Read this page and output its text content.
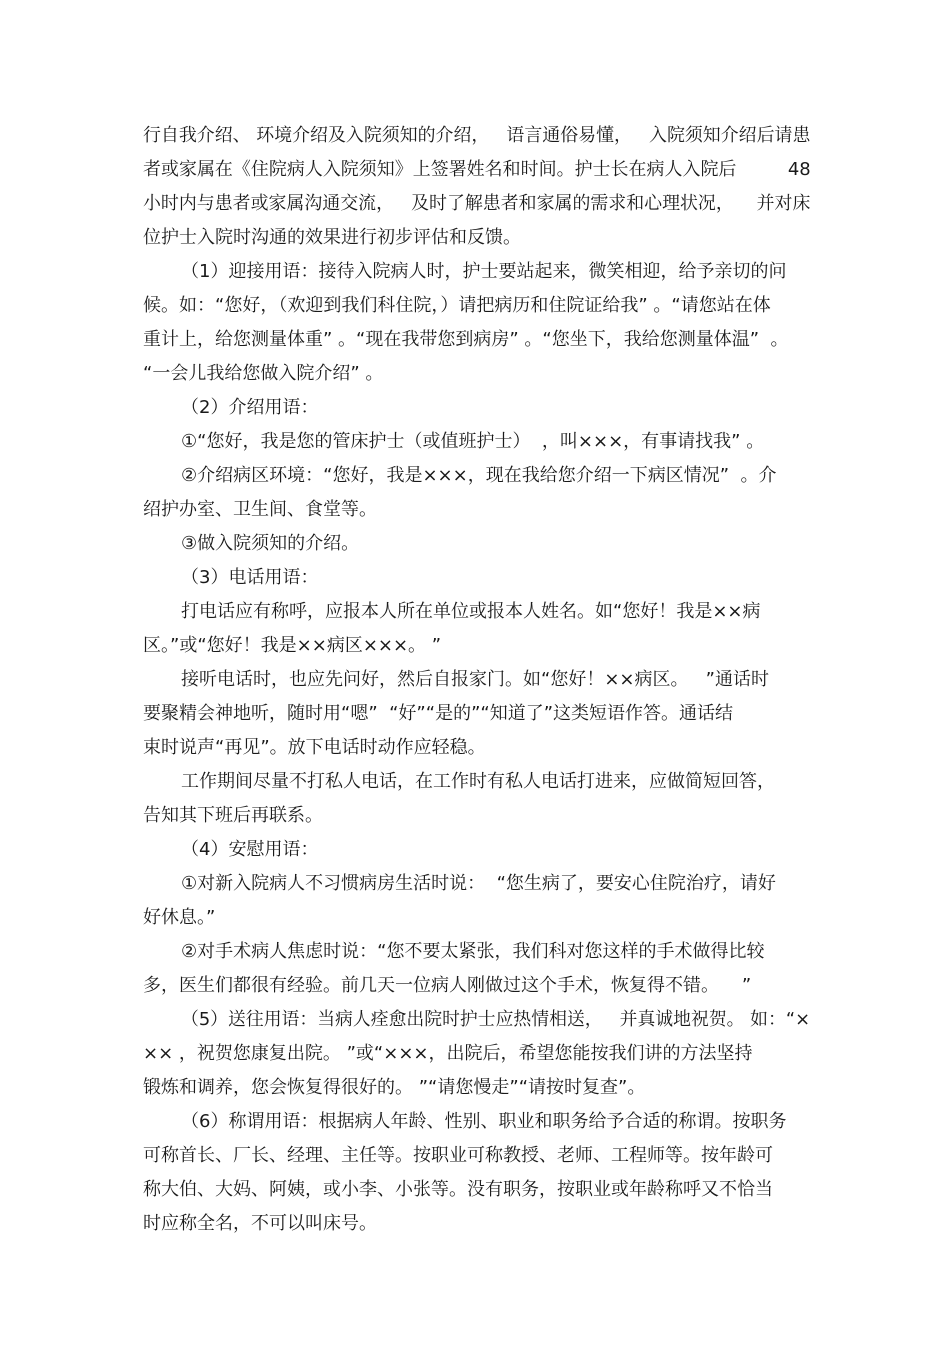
行自我介绍、 环境介绍及入院须知的介绍，   语言通俗易懂，   入院须知介绍后请患
者或家属在《住院病人入院须知》上签署姓名和时间。护士长在病人入院后         48
小时内与患者或家属沟通交流，   及时了解患者和家属的需求和心理状况，    并对床
位护士入院时沟通的效果进行初步评估和反馈。
（1）迎接用语：接待入院病人时，护士要站起来，微笑相迎，给予亲切的问
候。如：“您好，（欢迎到我们科住院，）请把病历和住院证给我” 。“请您站在体
重计上，给您测量体重” 。“现在我带您到病房” 。“您坐下，我给您测量体温”  。
“一会儿我给您做入院介绍” 。
（2）介绍用语：
①“您好，我是您的管床护士（或值班护士）  ，叫×××，有事请找我” 。
②介绍病区环境：“您好，我是×××，现在我给您介绍一下病区情况”  。介
绍护办室、卫生间、食堂等。
③做入院须知的介绍。
（3）电话用语：
打电话应有称呼，应报本人所在单位或报本人姓名。如“您好！我是××病
区。”或“您好！我是××病区×××。 ”
接听电话时，也应先问好，然后自报家门。如“您好！××病区。   ”通话时
要聚精会神地听，随时用“嗯”  “好”“是的”“知道了”这类短语作答。通话结
束时说声“再见”。放下电话时动作应轻稳。
工作期间尽量不打私人电话，在工作时有私人电话打进来，应做简短回答，
告知其下班后再联系。
（4）安慰用语：
①对新入院病人不习惯病房生活时说：  “您生病了，要安心住院治疗，请好
好休息。”
②对手术病人焦虑时说：“您不要太紧张，我们科对您这样的手术做得比较
多，医生们都很有经验。前几天一位病人刚做过这个手术，恢复得不错。    ”
（5）送往用语：当病人痊愈出院时护士应热情相送，   并真诚地祝贺。 如：“×
×× ，祝贺您康复出院。 ”或“×××，出院后，希望您能按我们讲的方法坚持
锻炼和调养，您会恢复得很好的。 ”“请您慢走”“请按时复查”。
（6）称谓用语：根据病人年龄、性别、职业和职务给予合适的称谓。按职务
可称首长、厂长、经理、主任等。按职业可称教授、老师、工程师等。按年龄可
称大伯、大妈、阿姨，或小李、小张等。没有职务，按职业或年龄称呼又不恰当
时应称全名，不可以叫床号。
